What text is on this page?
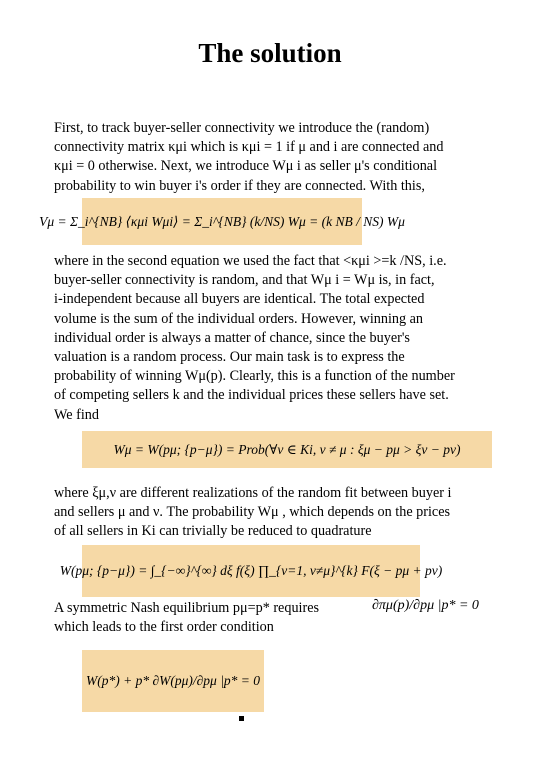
The solution
First, to track buyer-seller connectivity we introduce the (random)
connectivity matrix κμi which is κμi = 1 if μ and i are connected and
κμi = 0 otherwise. Next, we introduce Wμ i as seller μ's conditional
probability to win buyer i's order if they are connected. With this,
Vμ = Σ_i^{NB} ⟨κμi Wμi⟩ = Σ_i^{NB} (k/NS) Wμ = (k NB / NS) Wμ
where in the second equation we used the fact that <κμi >=k /NS, i.e.
buyer-seller connectivity is random, and that Wμ i = Wμ is, in fact,
i-independent because all buyers are identical. The total expected
volume is the sum of the individual orders. However, winning an
individual order is always a matter of chance, since the buyer's
valuation is a random process. Our main task is to express the
probability of winning Wμ(p). Clearly, this is a function of the number
of competing sellers k and the individual prices these sellers have set.
We find
Wμ = W(pμ; {p−μ}) = Prob(∀ν ∈ Ki, ν ≠ μ : ξμ − pμ > ξν − pν)
where ξμ,ν are different realizations of the random fit between buyer i
and sellers μ and ν. The probability Wμ , which depends on the prices
of all sellers in Ki can trivially be reduced to quadrature
W(pμ; {p−μ}) = ∫_{−∞}^{∞} dξ f(ξ) ∏_{ν=1, ν≠μ}^{k} F(ξ − pμ + pν)
A symmetric Nash equilibrium pμ=p* requires
which leads to the first order condition
∂πμ(p)/∂pμ |p* = 0
W(p*) + p* ∂W(pμ)/∂pμ |p* = 0
